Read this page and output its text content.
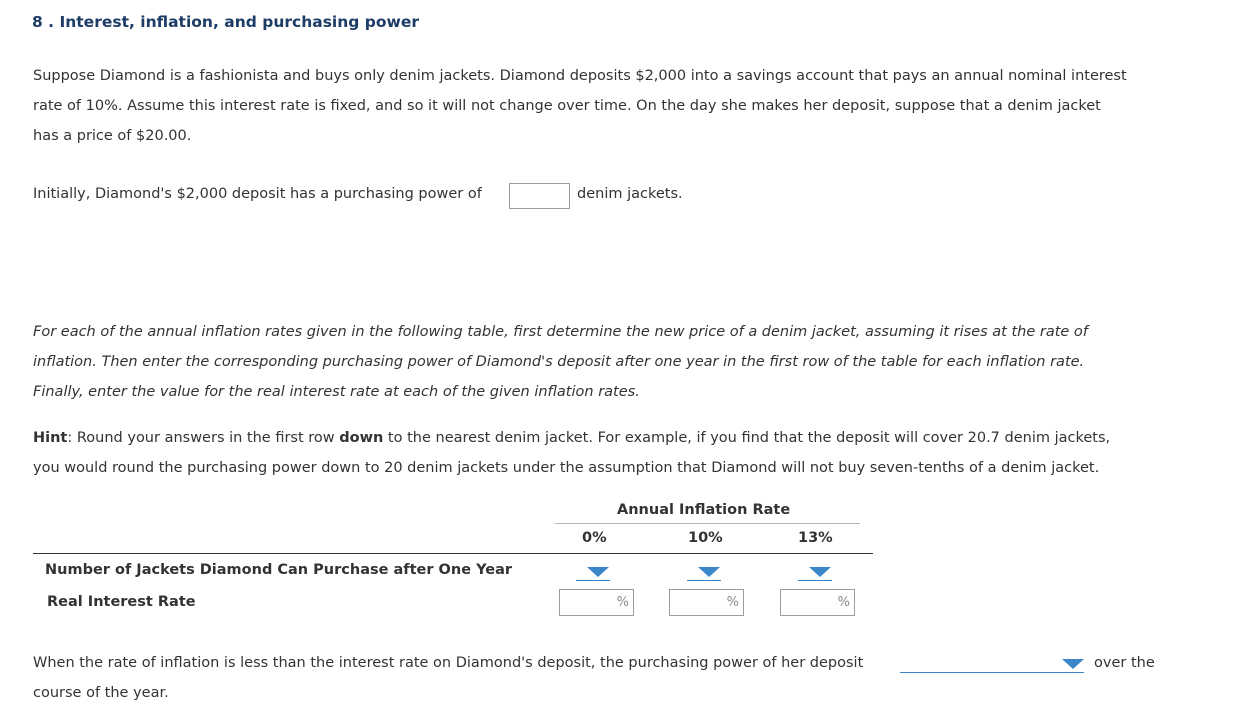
8 . Interest, inflation, and purchasing power
Suppose Diamond is a fashionista and buys only denim jackets. Diamond deposits $2,000 into a savings account that pays an annual nominal interest
rate of 10%. Assume this interest rate is fixed, and so it will not change over time. On the day she makes her deposit, suppose that a denim jacket
has a price of $20.00.
Initially, Diamond's $2,000 deposit has a purchasing power of	denim jackets.
For each of the annual inflation rates given in the following table, first determine the new price of a denim jacket, assuming it rises at the rate of
inflation. Then enter the corresponding purchasing power of Diamond's deposit after one year in the first row of the table for each inflation rate.
Finally, enter the value for the real interest rate at each of the given inflation rates.
Hint: Round your answers in the first row down to the nearest denim jacket. For example, if you find that the deposit will cover 20.7 denim jackets,
you would round the purchasing power down to 20 denim jackets under the assumption that Diamond will not buy seven-tenths of a denim jacket.
Annual Inflation Rate
0%	10%	13%
Number of Jackets Diamond Can Purchase after One Year
Real Interest Rate	%	%	%
When the rate of inflation is less than the interest rate on Diamond's deposit, the purchasing power of her deposit	over the
course of the year.
